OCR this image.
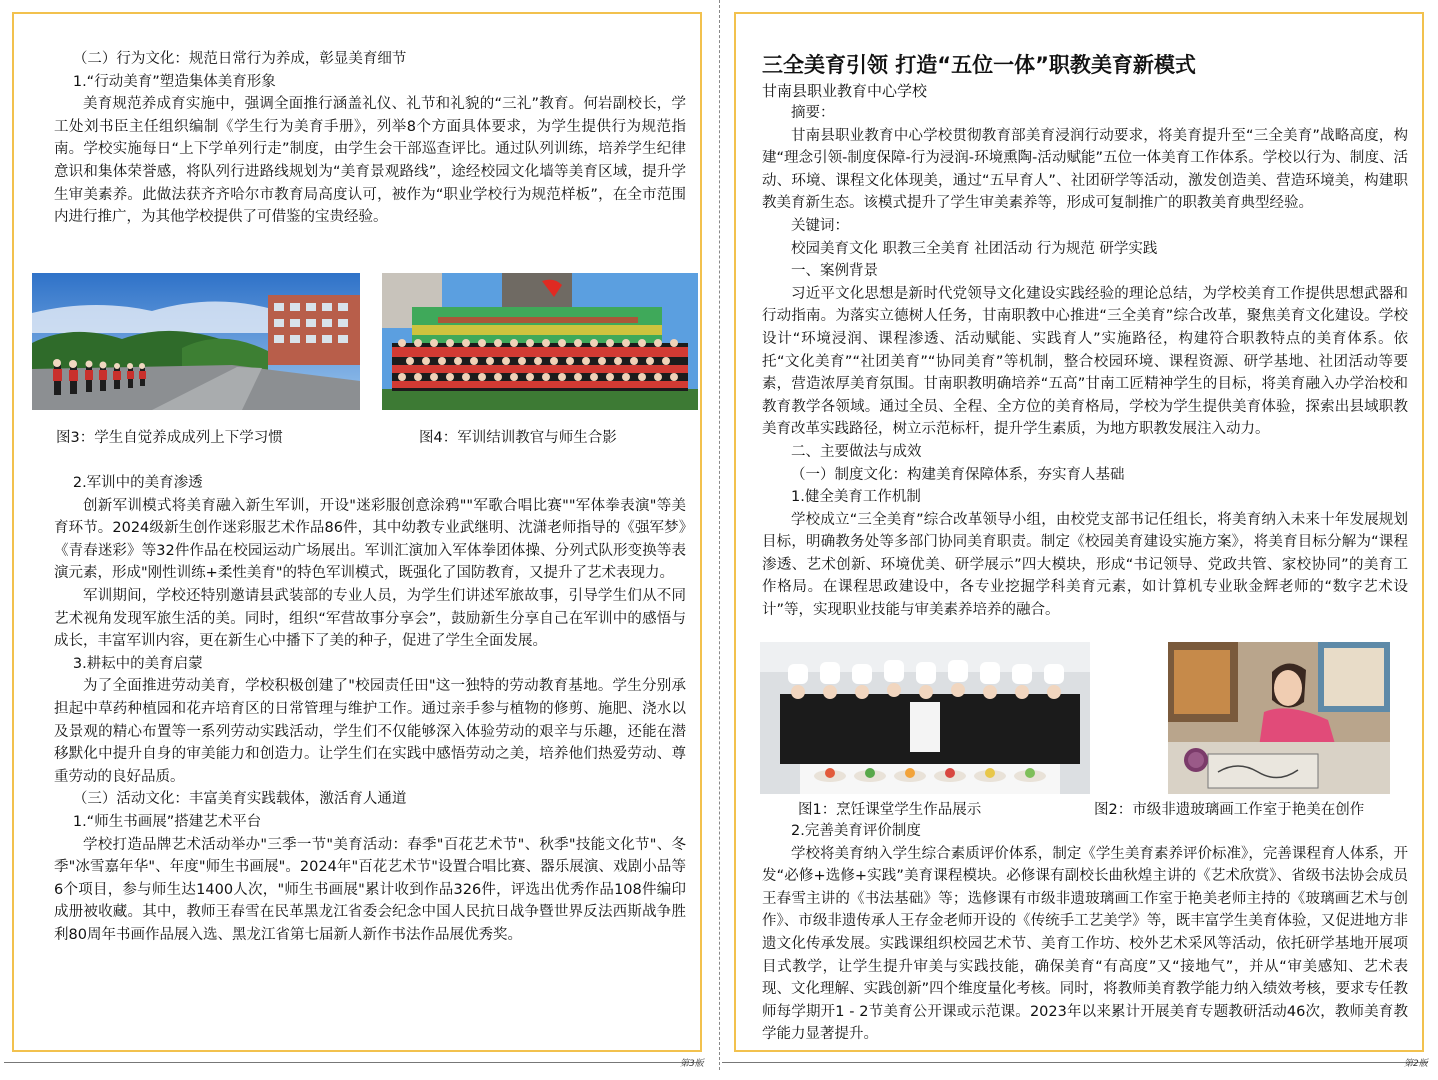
（二）行为文化：规范日常行为养成，彰显美育细节

1.“行动美育”塑造集体美育形象

美育规范养成育实施中，强调全面推行涵盖礼仪、礼节和礼貌的“三礼”教育。何岩副校长，学工处刘书臣主任组织编制《学生行为美育手册》，列举8个方面具体要求，为学生提供行为规范指南。学校实施每日“上下学单列行走”制度，由学生会干部巡查评比。通过队列训练，培养学生纪律意识和集体荣誉感，将队列行进路线规划为“美育景观路线”，途经校园文化墙等美育区域，提升学生审美素养。此做法获齐齐哈尔市教育局高度认可，被作为“职业学校行为规范样板”，在全市范围内进行推广，为其他学校提供了可借鉴的宝贵经验。

图3：学生自觉养成成列上下学习惯	图4：军训结训教官与师生合影

2.军训中的美育渗透

创新军训模式将美育融入新生军训，开设"迷彩服创意涂鸦""军歌合唱比赛""军体拳表演"等美育环节。2024级新生创作迷彩服艺术作品86件，其中幼教专业武继明、沈潇老师指导的《强军梦》《青春迷彩》等32件作品在校园运动广场展出。军训汇演加入军体拳团体操、分列式队形变换等表演元素，形成"刚性训练+柔性美育"的特色军训模式，既强化了国防教育，又提升了艺术表现力。

军训期间，学校还特别邀请县武装部的专业人员，为学生们讲述军旅故事，引导学生们从不同艺术视角发现军旅生活的美。同时，组织“军营故事分享会”，鼓励新生分享自己在军训中的感悟与成长，丰富军训内容，更在新生心中播下了美的种子，促进了学生全面发展。

3.耕耘中的美育启蒙

为了全面推进劳动美育，学校积极创建了"校园责任田"这一独特的劳动教育基地。学生分别承担起中草药种植园和花卉培育区的日常管理与维护工作。通过亲手参与植物的修剪、施肥、浇水以及景观的精心布置等一系列劳动实践活动，学生们不仅能够深入体验劳动的艰辛与乐趣，还能在潜移默化中提升自身的审美能力和创造力。让学生们在实践中感悟劳动之美，培养他们热爱劳动、尊重劳动的良好品质。

（三）活动文化：丰富美育实践载体，激活育人通道

1.“师生书画展”搭建艺术平台

学校打造品牌艺术活动举办"三季一节"美育活动：春季"百花艺术节"、秋季"技能文化节"、冬季"冰雪嘉年华"、年度"师生书画展"。2024年"百花艺术节"设置合唱比赛、器乐展演、戏剧小品等6个项目，参与师生达1400人次，"师生书画展"累计收到作品326件，评选出优秀作品108件编印成册被收藏。其中，教师王春雪在民革黑龙江省委会纪念中国人民抗日战争暨世界反法西斯战争胜利80周年书画作品展入选、黑龙江省第七届新人新作书法作品展优秀奖。

第3版

三全美育引领 打造“五位一体”职教美育新模式

甘南县职业教育中心学校

摘要：

甘南县职业教育中心学校贯彻教育部美育浸润行动要求，将美育提升至“三全美育”战略高度，构建“理念引领-制度保障-行为浸润-环境熏陶-活动赋能”五位一体美育工作体系。学校以行为、制度、活动、环境、课程文化体现美，通过“五早育人”、社团研学等活动，激发创造美、营造环境美，构建职教美育新生态。该模式提升了学生审美素养等，形成可复制推广的职教美育典型经验。

关键词：

校园美育文化 职教三全美育 社团活动 行为规范 研学实践

一、案例背景

习近平文化思想是新时代党领导文化建设实践经验的理论总结，为学校美育工作提供思想武器和行动指南。为落实立德树人任务，甘南职教中心推进“三全美育”综合改革，聚焦美育文化建设。学校设计“环境浸润、课程渗透、活动赋能、实践育人”实施路径，构建符合职教特点的美育体系。依托“文化美育”“社团美育”“协同美育”等机制，整合校园环境、课程资源、研学基地、社团活动等要素，营造浓厚美育氛围。甘南职教明确培养“五高”甘南工匠精神学生的目标，将美育融入办学治校和教育教学各领域。通过全员、全程、全方位的美育格局，学校为学生提供美育体验，探索出县域职教美育改革实践路径，树立示范标杆，提升学生素质，为地方职教发展注入动力。

二、主要做法与成效

（一）制度文化：构建美育保障体系，夯实育人基础

1.健全美育工作机制

学校成立“三全美育”综合改革领导小组，由校党支部书记任组长，将美育纳入未来十年发展规划目标，明确教务处等多部门协同美育职责。制定《校园美育建设实施方案》，将美育目标分解为“课程渗透、艺术创新、环境优美、研学展示”四大模块，形成“书记领导、党政共管、家校协同”的美育工作格局。在课程思政建设中，各专业挖掘学科美育元素，如计算机专业耿金辉老师的“数字艺术设计”等，实现职业技能与审美素养培养的融合。

图1：烹饪课堂学生作品展示	图2：市级非遗玻璃画工作室于艳美在创作

2.完善美育评价制度

学校将美育纳入学生综合素质评价体系，制定《学生美育素养评价标准》，完善课程育人体系，开发“必修+选修+实践”美育课程模块。必修课有副校长曲秋煌主讲的《艺术欣赏》、省级书法协会成员王春雪主讲的《书法基础》等；选修课有市级非遗玻璃画工作室于艳美老师主持的《玻璃画艺术与创作》、市级非遗传承人王存金老师开设的《传统手工艺美学》等，既丰富学生美育体验，又促进地方非遗文化传承发展。实践课组织校园艺术节、美育工作坊、校外艺术采风等活动，依托研学基地开展项目式教学，让学生提升审美与实践技能，确保美育“有高度”又“接地气”，并从“审美感知、艺术表现、文化理解、实践创新”四个维度量化考核。同时，将教师美育教学能力纳入绩效考核，要求专任教师每学期开1 - 2节美育公开课或示范课。2023年以来累计开展美育专题教研活动46次，教师美育教学能力显著提升。

第2版
